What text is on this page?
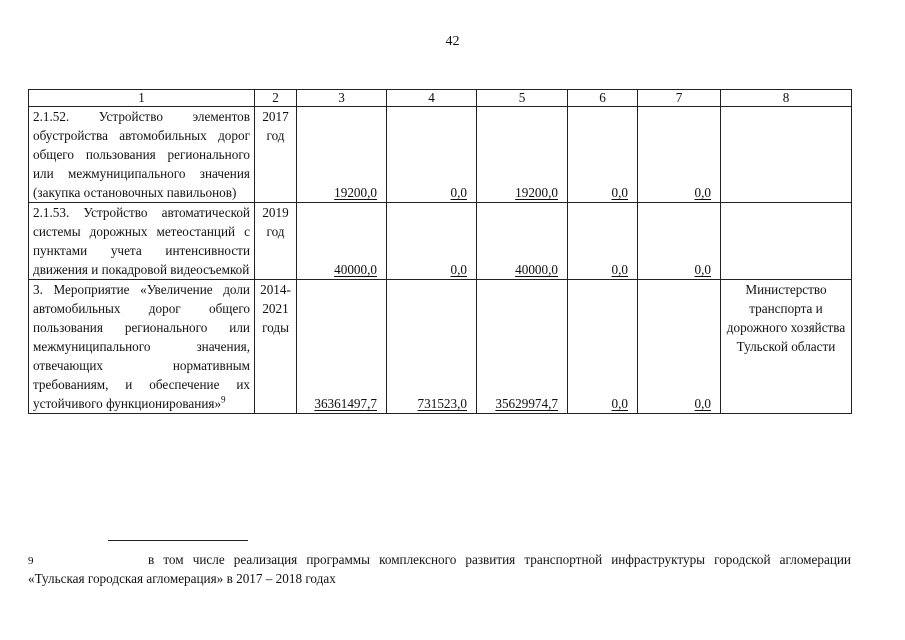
42
1	2	3	4	5	6	7	8
2.1.52. Устройство элементов обустройства автомобильных дорог общего пользования регионального или межмуниципального значения (закупка остановочных павильонов)	2017 год	19200,0	0,0	19200,0	0,0	0,0	
2.1.53. Устройство автоматической системы дорожных метеостанций с пунктами учета интенсивности движения и покадровой видеосъемкой	2019 год	40000,0	0,0	40000,0	0,0	0,0	
3. Мероприятие «Увеличение доли автомобильных дорог общего пользования регионального или межмуниципального значения, отвечающих нормативным требованиям, и обеспечение их устойчивого функционирования»$^9$	2014-2021 годы	36361497,7	731523,0	35629974,7	0,0	0,0	Министерство транспорта и дорожного хозяйства Тульской области
9	в том числе реализация программы комплексного развития транспортной инфраструктуры городской агломерации «Тульская городская агломерация» в 2017 – 2018 годах
